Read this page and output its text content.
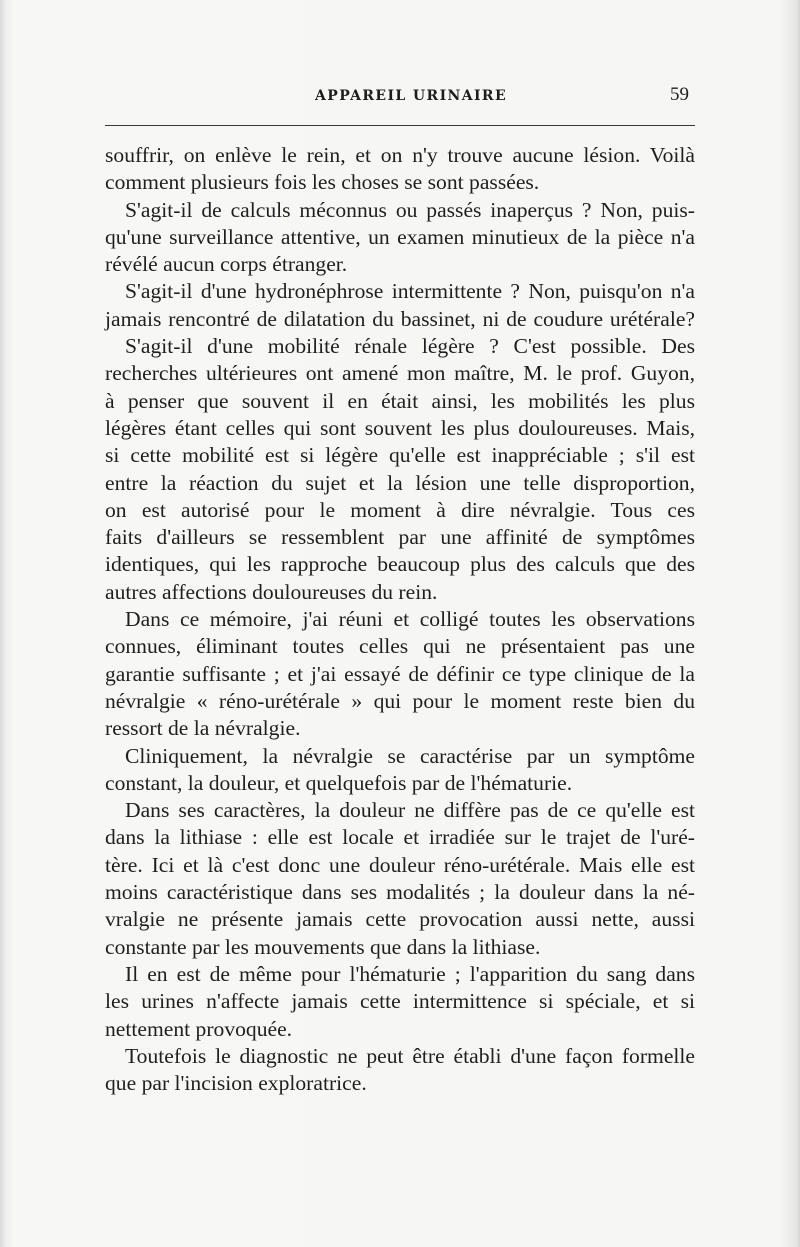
APPAREIL URINAIRE	59

souffrir, on enlève le rein, et on n'y trouve aucune lésion. Voilà
comment plusieurs fois les choses se sont passées.

S'agit-il de calculs méconnus ou passés inaperçus ? Non, puis-
qu'une surveillance attentive, un examen minutieux de la pièce n'a
révélé aucun corps étranger.

S'agit-il d'une hydronéphrose intermittente ? Non, puisqu'on n'a
jamais rencontré de dilatation du bassinet, ni de coudure urétérale?

S'agit-il d'une mobilité rénale légère ? C'est possible. Des
recherches ultérieures ont amené mon maître, M. le prof. Guyon,
à penser que souvent il en était ainsi, les mobilités les plus
légères étant celles qui sont souvent les plus douloureuses. Mais,
si cette mobilité est si légère qu'elle est inappréciable ; s'il est
entre la réaction du sujet et la lésion une telle disproportion,
on est autorisé pour le moment à dire névralgie. Tous ces
faits d'ailleurs se ressemblent par une affinité de symptômes
identiques, qui les rapproche beaucoup plus des calculs que des
autres affections douloureuses du rein.

Dans ce mémoire, j'ai réuni et colligé toutes les observations
connues, éliminant toutes celles qui ne présentaient pas une
garantie suffisante ; et j'ai essayé de définir ce type clinique de la
névralgie « réno-urétérale » qui pour le moment reste bien du
ressort de la névralgie.

Cliniquement, la névralgie se caractérise par un symptôme
constant, la douleur, et quelquefois par de l'hématurie.

Dans ses caractères, la douleur ne diffère pas de ce qu'elle est
dans la lithiase : elle est locale et irradiée sur le trajet de l'uré-
tère. Ici et là c'est donc une douleur réno-urétérale. Mais elle est
moins caractéristique dans ses modalités ; la douleur dans la né-
vralgie ne présente jamais cette provocation aussi nette, aussi
constante par les mouvements que dans la lithiase.

Il en est de même pour l'hématurie ; l'apparition du sang dans
les urines n'affecte jamais cette intermittence si spéciale, et si
nettement provoquée.

Toutefois le diagnostic ne peut être établi d'une façon formelle
que par l'incision exploratrice.
